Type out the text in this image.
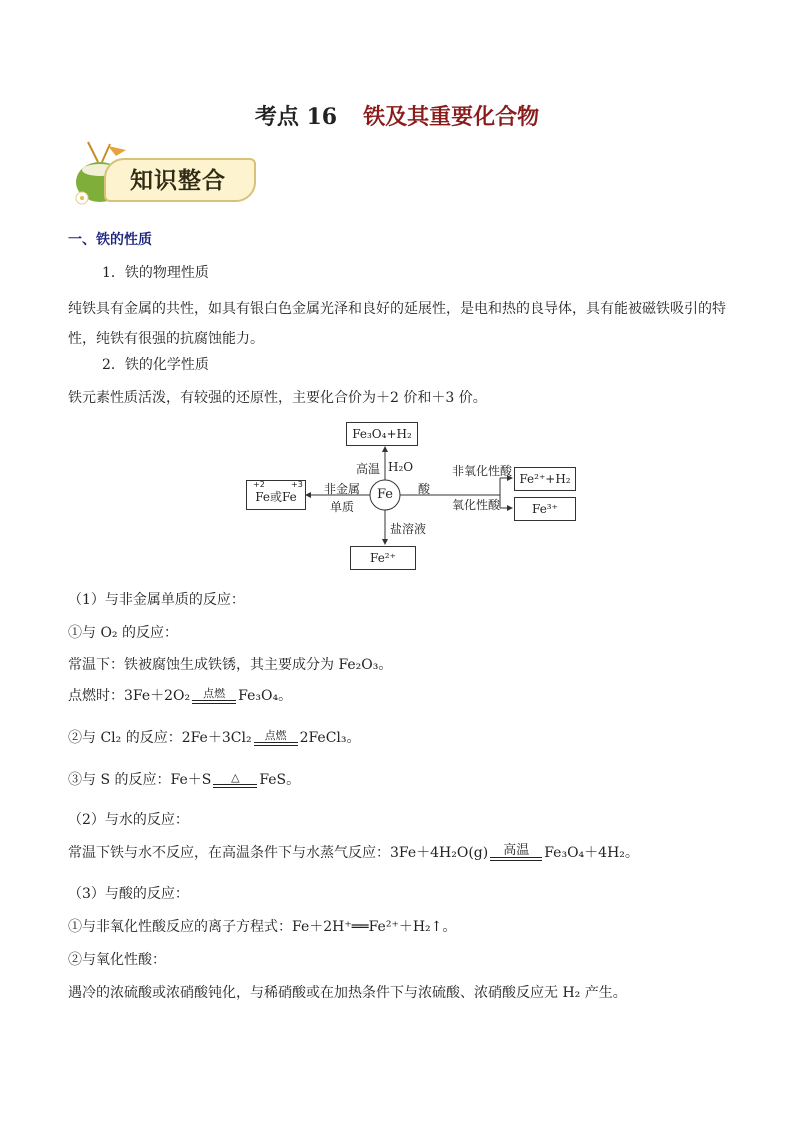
考点 16 铁及其重要化合物
知识整合
一、铁的性质
1．铁的物理性质
纯铁具有金属的共性，如具有银白色金属光泽和良好的延展性，是电和热的良导体，具有能被磁铁吸引的特性，纯铁有很强的抗腐蚀能力。
2．铁的化学性质
铁元素性质活泼，有较强的还原性，主要化合价为＋2 价和＋3 价。
Fe
Fe₃O₄+H₂
高温 H₂O
Fe或Fe
+2	+3 非金属
单质
酸
非氧化性酸
Fe²⁺+H₂
氧化性酸	Fe³⁺
盐溶液
Fe²⁺
（1）与非金属单质的反应：
①与 O₂ 的反应：
常温下：铁被腐蚀生成铁锈，其主要成分为 Fe₂O₃。
点燃时：3Fe＋2O₂	点燃 Fe₃O₄。
②与 Cl₂ 的反应：2Fe＋3Cl₂	点燃 2FeCl₃。
③与 S 的反应：Fe＋S	△	FeS。
（2）与水的反应：
常温下铁与水不反应，在高温条件下与水蒸气反应：3Fe＋4H₂O(g)	高温	Fe₃O₄＋4H₂。
（3）与酸的反应：
①与非氧化性酸反应的离子方程式：Fe＋2H⁺══Fe²⁺＋H₂↑。
②与氧化性酸：
遇冷的浓硫酸或浓硝酸钝化，与稀硝酸或在加热条件下与浓硫酸、浓硝酸反应无 H₂ 产生。
